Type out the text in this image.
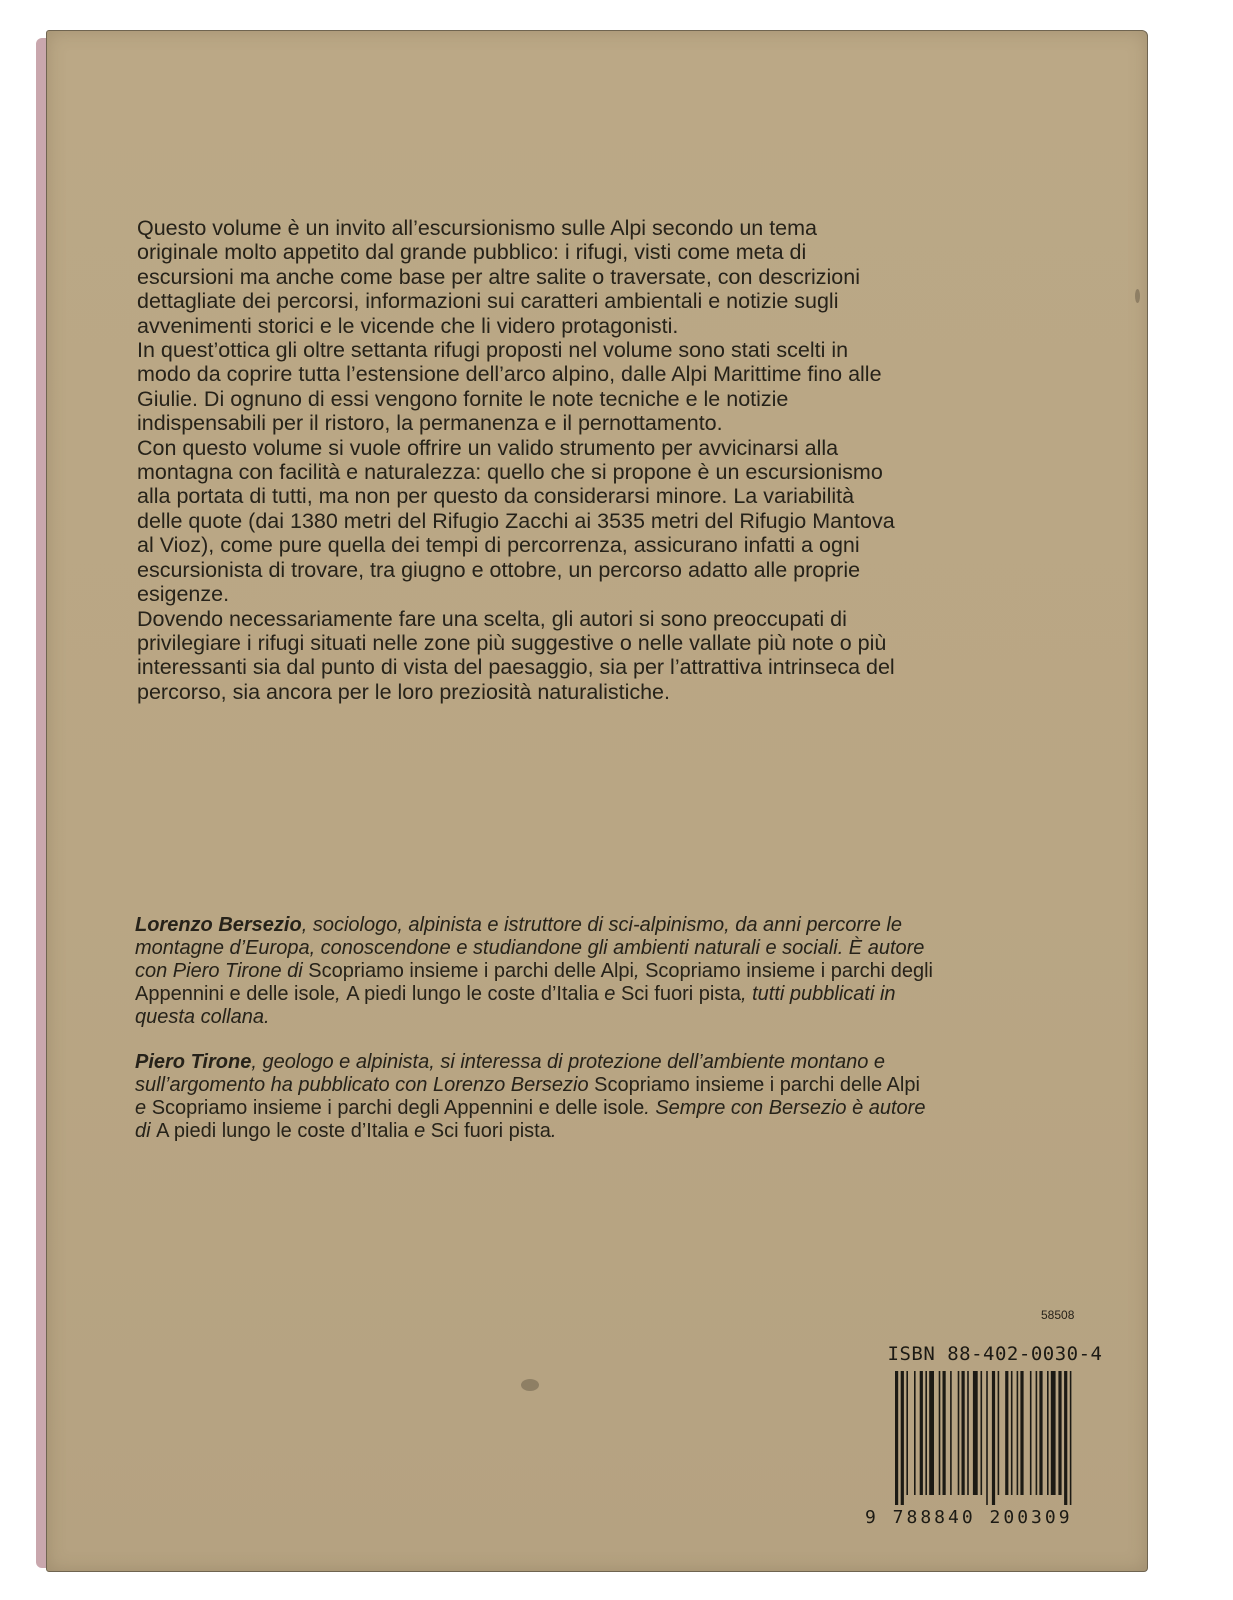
Questo volume è un invito all’escursionismo sulle Alpi secondo un tema originale molto appetito dal grande pubblico: i rifugi, visti come meta di escursioni ma anche come base per altre salite o traversate, con descrizioni dettagliate dei percorsi, informazioni sui caratteri ambientali e notizie sugli avvenimenti storici e le vicende che li videro protagonisti.

In quest’ottica gli oltre settanta rifugi proposti nel volume sono stati scelti in modo da coprire tutta l’estensione dell’arco alpino, dalle Alpi Marittime fino alle Giulie. Di ognuno di essi vengono fornite le note tecniche e le notizie indispensabili per il ristoro, la permanenza e il pernottamento.

Con questo volume si vuole offrire un valido strumento per avvicinarsi alla montagna con facilità e naturalezza: quello che si propone è un escursionismo alla portata di tutti, ma non per questo da considerarsi minore. La variabilità delle quote (dai 1380 metri del Rifugio Zacchi ai 3535 metri del Rifugio Mantova al Vioz), come pure quella dei tempi di percorrenza, assicurano infatti a ogni escursionista di trovare, tra giugno e ottobre, un percorso adatto alle proprie esigenze.

Dovendo necessariamente fare una scelta, gli autori si sono preoccupati di privilegiare i rifugi situati nelle zone più suggestive o nelle vallate più note o più interessanti sia dal punto di vista del paesaggio, sia per l’attrattiva intrinseca del percorso, sia ancora per le loro preziosità naturalistiche.

Lorenzo Bersezio, sociologo, alpinista e istruttore di sci-alpinismo, da anni percorre le montagne d’Europa, conoscendone e studiandone gli ambienti naturali e sociali. È autore con Piero Tirone di Scopriamo insieme i parchi delle Alpi, Scopriamo insieme i parchi degli Appennini e delle isole, A piedi lungo le coste d’Italia e Sci fuori pista, tutti pubblicati in questa collana.

Piero Tirone, geologo e alpinista, si interessa di protezione dell’ambiente montano e sull’argomento ha pubblicato con Lorenzo Bersezio Scopriamo insieme i parchi delle Alpi e Scopriamo insieme i parchi degli Appennini e delle isole. Sempre con Bersezio è autore di A piedi lungo le coste d’Italia e Sci fuori pista.

58508
ISBN 88-402-0030-4
9 788840 200309
